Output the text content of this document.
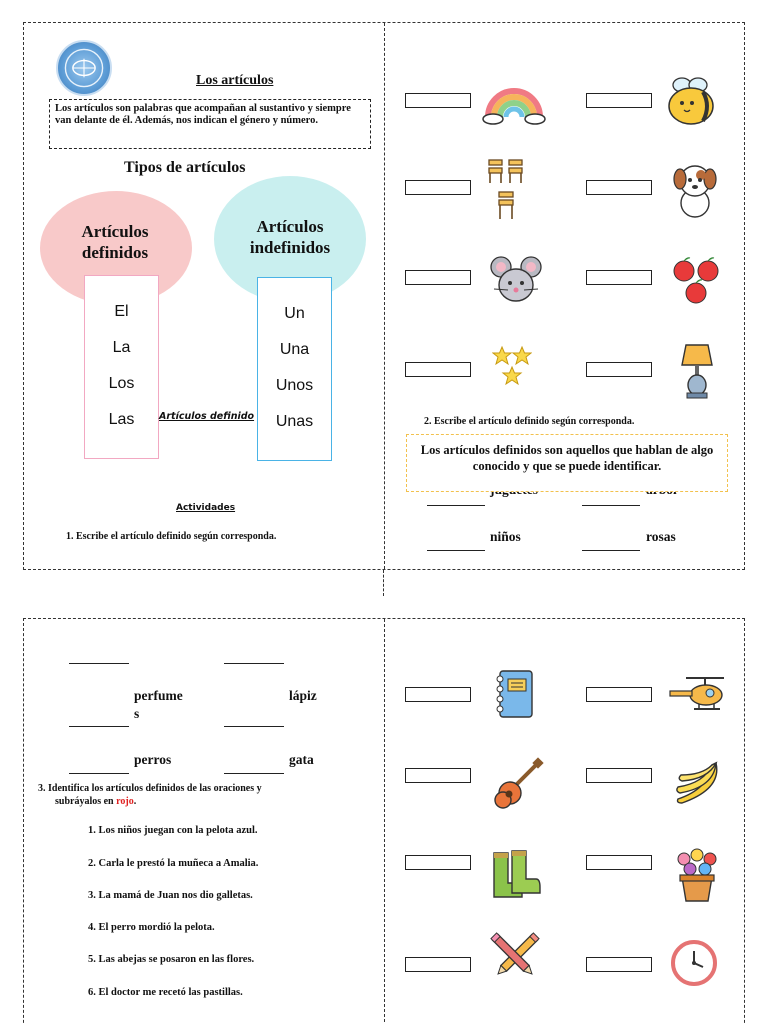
Los artículos
Los artículos son palabras que acompañan al sustantivo y siempre van delante de él. Además, nos indican el género y número.
Tipos de artículos
Artículos
definidos
Artículos
indefinidos
El
La
Los
Las
Un
Una
Unos
Unas
Artículos definido
Actividades
1. Escribe el artículo definido según corresponda.
2. Escribe el artículo definido según corresponda.
Los artículos definidos son aquellos que hablan de algo conocido y que se puede identificar.
niños	rosas
perfume
s
lápiz
perros	gata
3. Identifica los artículos definidos de las oraciones y
subráyalos en rojo.
1. Los niños juegan con la pelota azul.
2. Carla le prestó la muñeca a Amalia.
3. La mamá de Juan nos dio galletas.
4. El perro mordió la pelota.
5. Las abejas se posaron en las flores.
6. El doctor me recetó las pastillas.
